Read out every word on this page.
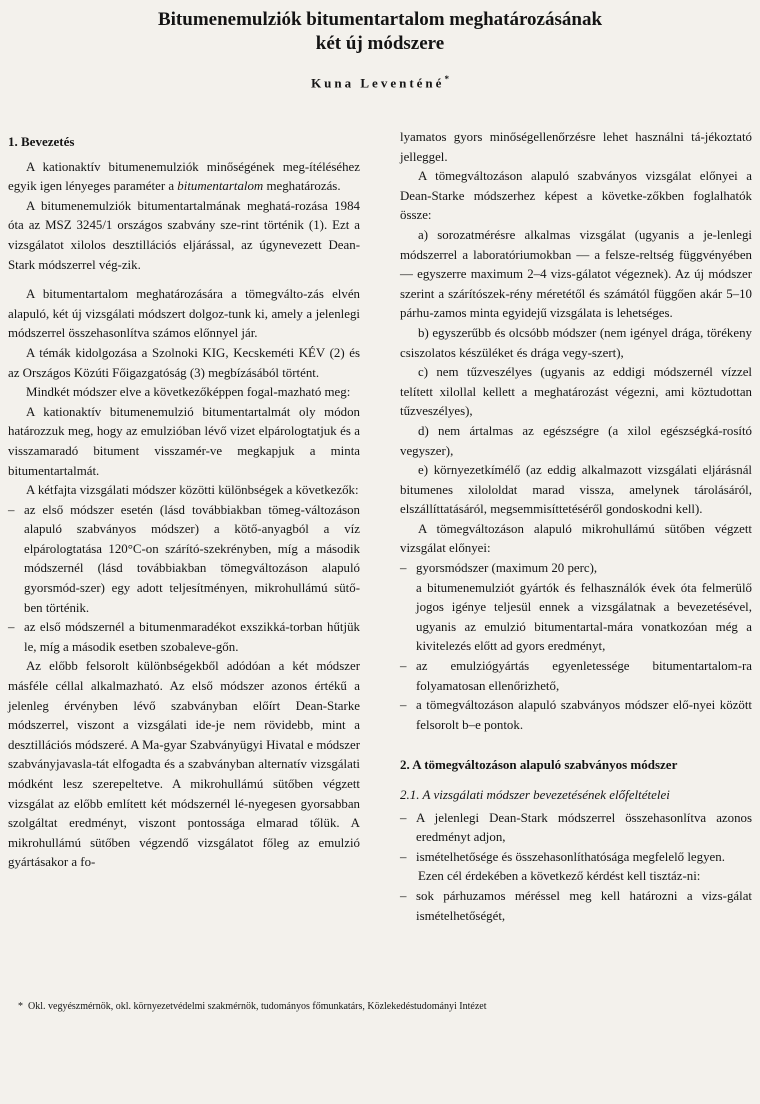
Bitumenemulziók bitumentartalom meghatározásának
két új módszere
Kuna Leventéné*
1. Bevezetés

A kationaktív bitumenemulziók minőségének meg-ítéléséhez egyik igen lényeges paraméter a bitumentartalom meghatározás.

A bitumenemulziók bitumentartalmának meghatá-rozása 1984 óta az MSZ 3245/1 országos szabvány sze-rint történik (1). Ezt a vizsgálatot xilolos desztillációs eljárással, az úgynevezett Dean-Stark módszerrel vég-zik.

A bitumentartalom meghatározására a tömegválto-zás elvén alapuló, két új vizsgálati módszert dolgoz-tunk ki, amely a jelenlegi módszerrel összehasonlítva számos előnnyel jár.

A témák kidolgozása a Szolnoki KIG, Kecskeméti KÉV (2) és az Országos Közúti Főigazgatóság (3) megbízásából történt.

Mindkét módszer elve a következőképpen fogal-mazható meg:

A kationaktív bitumenemulzió bitumentartalmát oly módon határozzuk meg, hogy az emulzióban lévő vizet elpárologtatjuk és a visszamaradó bitument visszamér-ve megkapjuk a minta bitumentartalmát.

A kétfajta vizsgálati módszer közötti különbségek a következők:

– az első módszer esetén (lásd továbbiakban tömeg-változáson alapuló szabványos módszer) a kötő-anyagból a víz elpárologtatása 120°C-on szárító-szekrényben, míg a második módszernél (lásd továbbiakban tömegváltozáson alapuló gyorsmód-szer) egy adott teljesítményen, mikrohullámú sütő-ben történik.
– az első módszernél a bitumenmaradékot exszikká-torban hűtjük le, míg a második esetben szobaleve-gőn.

Az előbb felsorolt különbségekből adódóan a két módszer másféle céllal alkalmazható. Az első módszer azonos értékű a jelenleg érvényben lévő szabványban előírt Dean-Starke módszerrel, viszont a vizsgálati ide-je nem rövidebb, mint a desztillációs módszeré. A Ma-gyar Szabványügyi Hivatal e módszer szabványjavasla-tát elfogadta és a szabványban alternatív vizsgálati módként lesz szerepeltetve. A mikrohullámú sütőben végzett vizsgálat az előbb említett két módszernél lé-nyegesen gyorsabban szolgáltat eredményt, viszont pontossága elmarad tőlük. A mikrohullámú sütőben végzendő vizsgálatot főleg az emulzió gyártásakor a fo-

lyamatos gyors minőségellenőrzésre lehet használni tá-jékoztató jelleggel.

A tömegváltozáson alapuló szabványos vizsgálat előnyei a Dean-Starke módszerhez képest a követke-zőkben foglalhatók össze:

a) sorozatmérésre alkalmas vizsgálat (ugyanis a je-lenlegi módszerrel a laboratóriumokban — a felsze-reltség függvényében — egyszerre maximum 2–4 vizs-gálatot végeznek). Az új módszer szerint a szárítószek-rény méretétől és számától függően akár 5–10 párhu-zamos minta egyidejű vizsgálata is lehetséges.

b) egyszerűbb és olcsóbb módszer (nem igényel drága, törékeny csiszolatos készüléket és drága vegy-szert),

c) nem tűzveszélyes (ugyanis az eddigi módszernél vízzel telített xilollal kellett a meghatározást végezni, ami köztudottan tűzveszélyes),

d) nem ártalmas az egészségre (a xilol egészségká-rosító vegyszer),

e) környezetkímélő (az eddig alkalmazott vizsgálati eljárásnál bitumenes xilololdat marad vissza, amelynek tárolásáról, elszállíttatásáról, megsemmisíttetéséről gondoskodni kell).

A tömegváltozáson alapuló mikrohullámú sütőben végzett vizsgálat előnyei:

– gyorsmódszer (maximum 20 perc),

a bitumenemulziót gyártók és felhasználók évek óta felmerülő jogos igénye teljesül ennek a vizsgálatnak a bevezetésével, ugyanis az emulzió bitumentartal-mára vonatkozóan még a kivitelezés előtt ad gyors eredményt,

– az emulziógyártás egyenletessége bitumentartalom-ra folyamatosan ellenőrizhető,
– a tömegváltozáson alapuló szabványos módszer elő-nyei között felsorolt b–e pontok.
2. A tömegváltozáson alapuló szabványos módszer
2.1. A vizsgálati módszer bevezetésének előfeltételei
– A jelenlegi Dean-Stark módszerrel összehasonlítva azonos eredményt adjon,
– ismételhetősége és összehasonlíthatósága megfelelő legyen.

Ezen cél érdekében a következő kérdést kell tisztáz-ni:

– sok párhuzamos méréssel meg kell határozni a vizs-gálat ismételhetőségét,
* Okl. vegyészmérnök, okl. környezetvédelmi szakmérnök, tudományos főmunkatárs, Közlekedéstudományi Intézet
